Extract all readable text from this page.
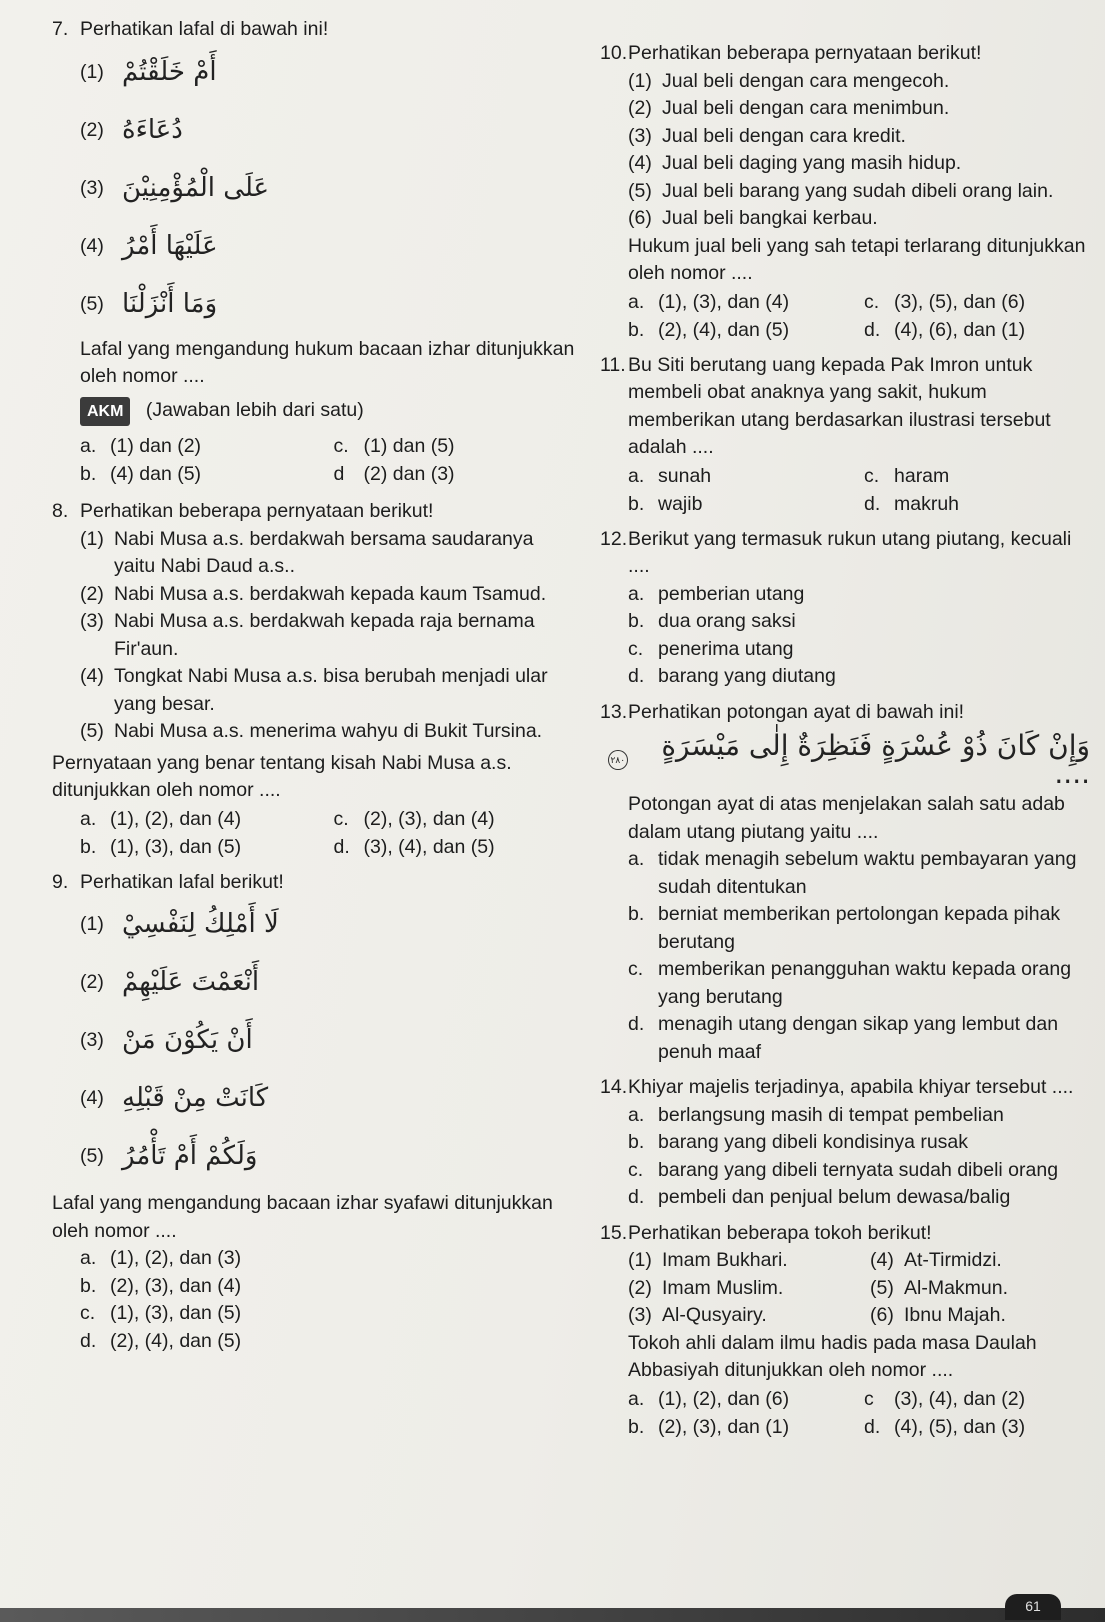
7. Perhatikan lafal di bawah ini!
(1) أَمْ خَلَقْتُمْ
(2) دُعَاءَهُ
(3) عَلَى الْمُؤْمِنِيْنَ
(4) عَلَيْهَا أَمْرُ
(5) وَمَا أَنْزَلْنَا
Lafal yang mengandung hukum bacaan izhar ditunjukkan oleh nomor ....
AKM (Jawaban lebih dari satu)
a. (1) dan (2)	c. (1) dan (5)
b. (4) dan (5)	d (2) dan (3)
8. Perhatikan beberapa pernyataan berikut!
(1) Nabi Musa a.s. berdakwah bersama saudaranya yaitu Nabi Daud a.s..
(2) Nabi Musa a.s. berdakwah kepada kaum Tsamud.
(3) Nabi Musa a.s. berdakwah kepada raja bernama Fir'aun.
(4) Tongkat Nabi Musa a.s. bisa berubah menjadi ular yang besar.
(5) Nabi Musa a.s. menerima wahyu di Bukit Tursina.
Pernyataan yang benar tentang kisah Nabi Musa a.s. ditunjukkan oleh nomor ....
a. (1), (2), dan (4)	c. (2), (3), dan (4)
b. (1), (3), dan (5)	d. (3), (4), dan (5)
9. Perhatikan lafal berikut!
(1) لَا أَمْلِكُ لِنَفْسِيْ
(2) أَنْعَمْتَ عَلَيْهِمْ
(3) أَنْ يَكُوْنَ مَنْ
(4) كَانَتْ مِنْ قَبْلِهِ
(5) وَلَكُمْ أَمْ تَأْمُرُ
Lafal yang mengandung bacaan izhar syafawi ditunjukkan oleh nomor ....
a. (1), (2), dan (3)
b. (2), (3), dan (4)
c. (1), (3), dan (5)
d. (2), (4), dan (5)
10. Perhatikan beberapa pernyataan berikut!
(1) Jual beli dengan cara mengecoh.
(2) Jual beli dengan cara menimbun.
(3) Jual beli dengan cara kredit.
(4) Jual beli daging yang masih hidup.
(5) Jual beli barang yang sudah dibeli orang lain.
(6) Jual beli bangkai kerbau.
Hukum jual beli yang sah tetapi terlarang ditunjukkan oleh nomor ....
a. (1), (3), dan (4)	c. (3), (5), dan (6)
b. (2), (4), dan (5)	d. (4), (6), dan (1)
11. Bu Siti berutang uang kepada Pak Imron untuk membeli obat anaknya yang sakit, hukum memberikan utang berdasarkan ilustrasi tersebut adalah ....
a. sunah	c. haram
b. wajib	d. makruh
12. Berikut yang termasuk rukun utang piutang, kecuali ....
a. pemberian utang
b. dua orang saksi
c. penerima utang
d. barang yang diutang
13. Perhatikan potongan ayat di bawah ini!
٢٨٠	وَإِنْ كَانَ ذُوْ عُسْرَةٍ فَنَظِرَةٌ إِلٰى مَيْسَرَةٍ ....
Potongan ayat di atas menjelakan salah satu adab dalam utang piutang yaitu ....
a. tidak menagih sebelum waktu pembayaran yang sudah ditentukan
b. berniat memberikan pertolongan kepada pihak berutang
c. memberikan penangguhan waktu kepada orang yang berutang
d. menagih utang dengan sikap yang lembut dan penuh maaf
14. Khiyar majelis terjadinya, apabila khiyar tersebut ....
a. berlangsung masih di tempat pembelian
b. barang yang dibeli kondisinya rusak
c. barang yang dibeli ternyata sudah dibeli orang
d. pembeli dan penjual belum dewasa/balig
15. Perhatikan beberapa tokoh berikut!
(1) Imam Bukhari.	(4) At-Tirmidzi.
(2) Imam Muslim.	(5) Al-Makmun.
(3) Al-Qusyairy.	(6) Ibnu Majah.
Tokoh ahli dalam ilmu hadis pada masa Daulah Abbasiyah ditunjukkan oleh nomor ....
a. (1), (2), dan (6)	c	(3), (4), dan (2)
b. (2), (3), dan (1)	d. (4), (5), dan (3)
61
